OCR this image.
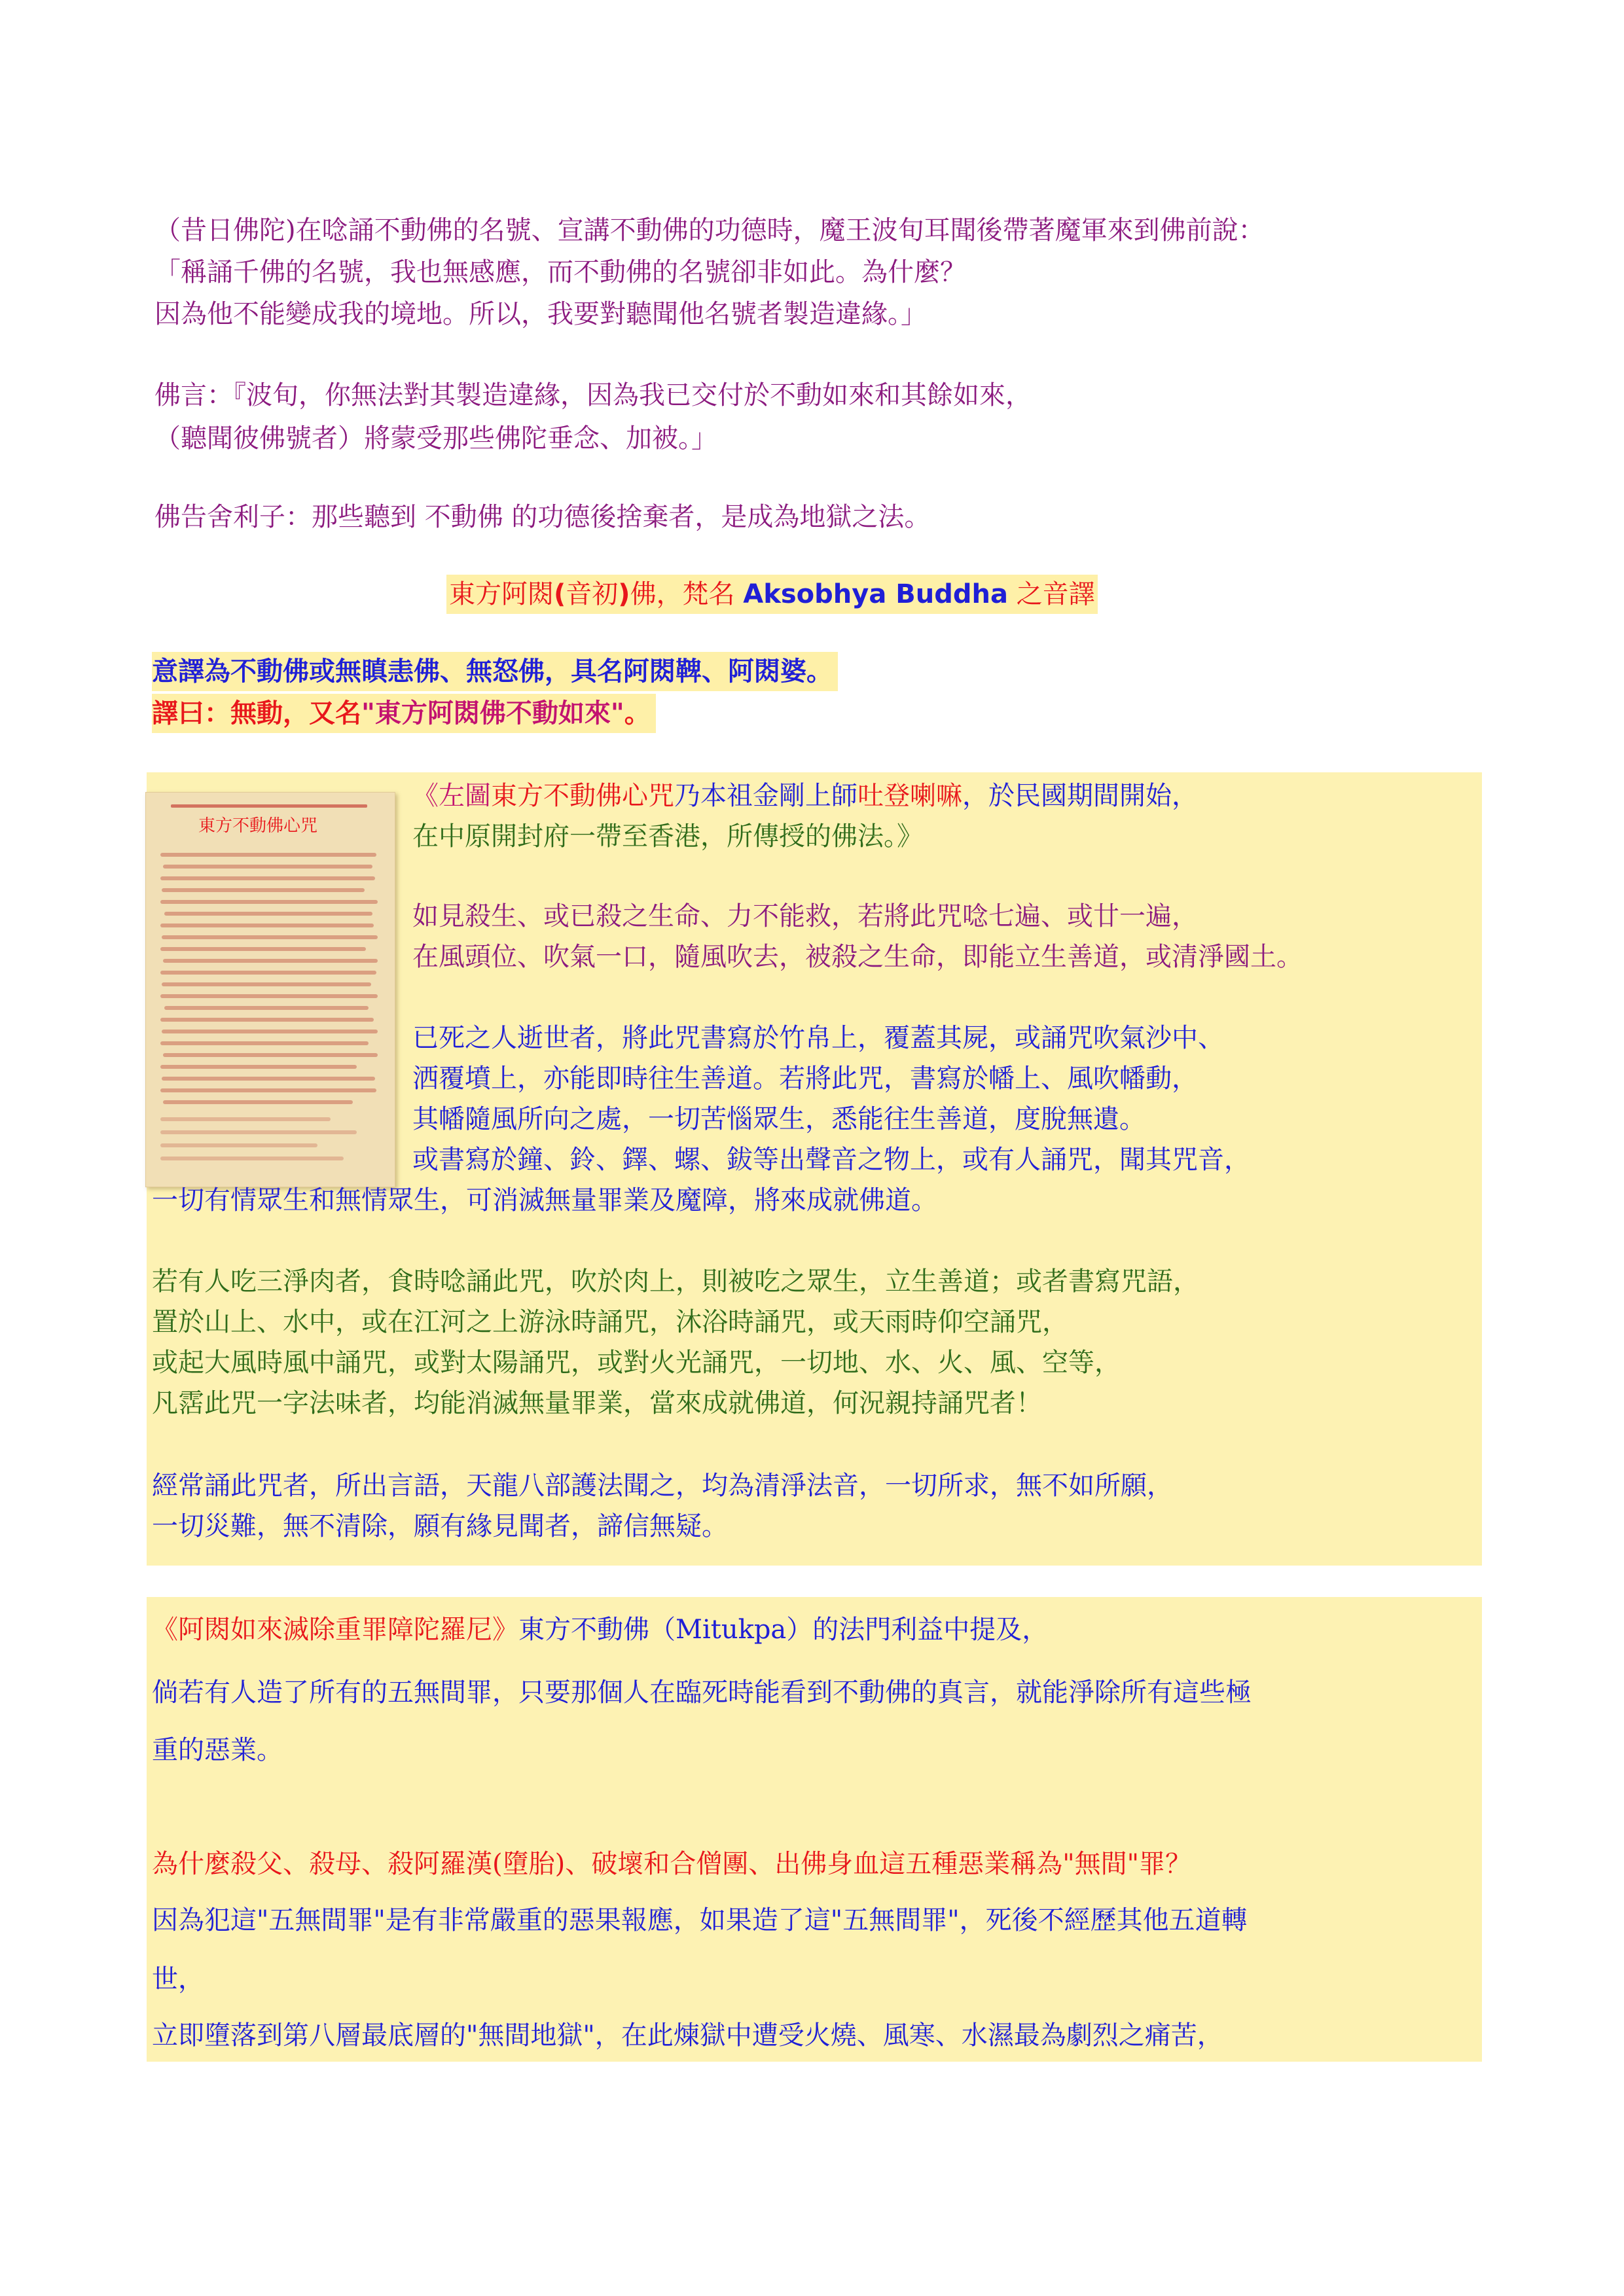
（昔日佛陀)在唸誦不動佛的名號、宣講不動佛的功德時，魔王波旬耳聞後帶著魔軍來到佛前說：
「稱誦千佛的名號，我也無感應，而不動佛的名號卻非如此。為什麼？
因為他不能變成我的境地。所以，我要對聽聞他名號者製造違緣。」
佛言：『波旬，你無法對其製造違緣，因為我已交付於不動如來和其餘如來，
（聽聞彼佛號者）將蒙受那些佛陀垂念、加被。」
佛告舍利子：那些聽到 不動佛 的功德後捨棄者，是成為地獄之法。
東方阿閦(音初)佛，梵名 Aksobhya Buddha 之音譯
意譯為不動佛或無瞋恚佛、無怒佛，具名阿閦鞞、阿閦婆。
譯曰：無動，又名"東方阿閦佛不動如來"。
東方不動佛心咒
《左圖東方不動佛心咒乃本祖金剛上師吐登喇嘛，於民國期間開始，
在中原開封府一帶至香港，所傳授的佛法。》
如見殺生、或已殺之生命、力不能救，若將此咒唸七遍、或廿一遍，
在風頭位、吹氣一口，隨風吹去，被殺之生命，即能立生善道，或清淨國土。
已死之人逝世者，將此咒書寫於竹帛上，覆蓋其屍，或誦咒吹氣沙中、
洒覆墳上，亦能即時往生善道。若將此咒，書寫於幡上、風吹幡動，
其幡隨風所向之處，一切苦惱眾生，悉能往生善道，度脫無遺。
或書寫於鐘、鈴、鐸、螺、鈸等出聲音之物上，或有人誦咒，聞其咒音，
一切有情眾生和無情眾生，可消滅無量罪業及魔障，將來成就佛道。
若有人吃三淨肉者，食時唸誦此咒，吹於肉上，則被吃之眾生，立生善道；或者書寫咒語，
置於山上、水中，或在江河之上游泳時誦咒，沐浴時誦咒，或天雨時仰空誦咒，
或起大風時風中誦咒，或對太陽誦咒，或對火光誦咒，一切地、水、火、風、空等，
凡霑此咒一字法味者，均能消滅無量罪業，當來成就佛道，何況親持誦咒者！
經常誦此咒者，所出言語，天龍八部護法聞之，均為清淨法音，一切所求，無不如所願，
一切災難，無不清除，願有緣見聞者，諦信無疑。
《阿閦如來滅除重罪障陀羅尼》東方不動佛（Mitukpa）的法門利益中提及，
倘若有人造了所有的五無間罪，只要那個人在臨死時能看到不動佛的真言，就能淨除所有這些極
重的惡業。
為什麼殺父、殺母、殺阿羅漢(墮胎)、破壞和合僧團、出佛身血這五種惡業稱為"無間"罪？
因為犯這"五無間罪"是有非常嚴重的惡果報應，如果造了這"五無間罪"，死後不經歷其他五道轉
世，
立即墮落到第八層最底層的"無間地獄"，在此煉獄中遭受火燒、風寒、水濕最為劇烈之痛苦，
